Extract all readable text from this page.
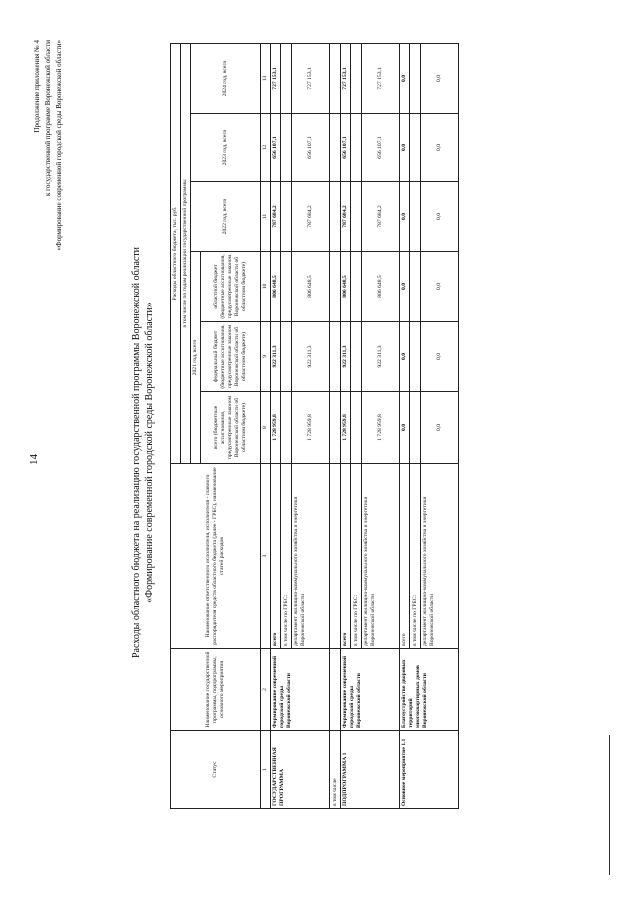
14
Продолжение приложения № 4 к государственной программе Воронежской области «Формирование современной городской среды Воронежской области»
Расходы областного бюджета на реализацию государственной программы Воронежской области «Формирование современной городской среды Воронежской области»
Статус	Наименование государственной программы, подпрограммы, основного мероприятия	Наименование ответственного исполнителя, исполнителя - главного распорядителя средств областного бюджета (далее - ГРБС), наименование статей расходов	Расходы областного бюджета, тыс. руб.					
			в том числе по годам реализации государственной программы					
			2021 год, всего			2022 год, всего	2023 год, всего	2024 год, всего
			всего (бюджетные ассигнования, предусмотренные законом Воронежской области об областном бюджете)	федеральный бюджет (бюджетные ассигнования, предусмотренные законом Воронежской области об областном бюджете)	областной бюджет (бюджетные ассигнования, предусмотренные законом Воронежской области об областном бюджете)			
1	2	3	8	9	10	11	12	13
ГОСУДАРСТВЕННАЯ ПРОГРАММА	Формирование современной городской среды Воронежской области	всего	1 728 959,8	922 311,3	806 648,5	787 684,2	656 107,1	727 153,1
		в том числе по ГРБС:						
		департамент жилищно-коммунального хозяйства и энергетики Воронежской области	1 728 959,8	922 311,3	806 648,5	787 684,2	656 107,1	727 153,1
в том числе								
ПОДПРОГРАММА 1	Формирование современной городской среды Воронежской области	всего	1 728 959,8	922 311,3	806 648,5	787 684,2	656 107,1	727 153,1
		в том числе по ГРБС:						
		департамент жилищно-коммунального хозяйства и энергетики Воронежской области	1 728 959,8	922 311,3	806 648,5	787 684,2	656 107,1	727 153,1
Основное мероприятие 1.1	Благоустройство дворовых территорий многоквартирных домов Воронежской области	всего	0,0	0,0	0,0	0,0	0,0	0,0
		в том числе по ГРБС:						
		департамент жилищно-коммунального хозяйства и энергетики Воронежской области	0,0	0,0	0,0	0,0	0,0	0,0
